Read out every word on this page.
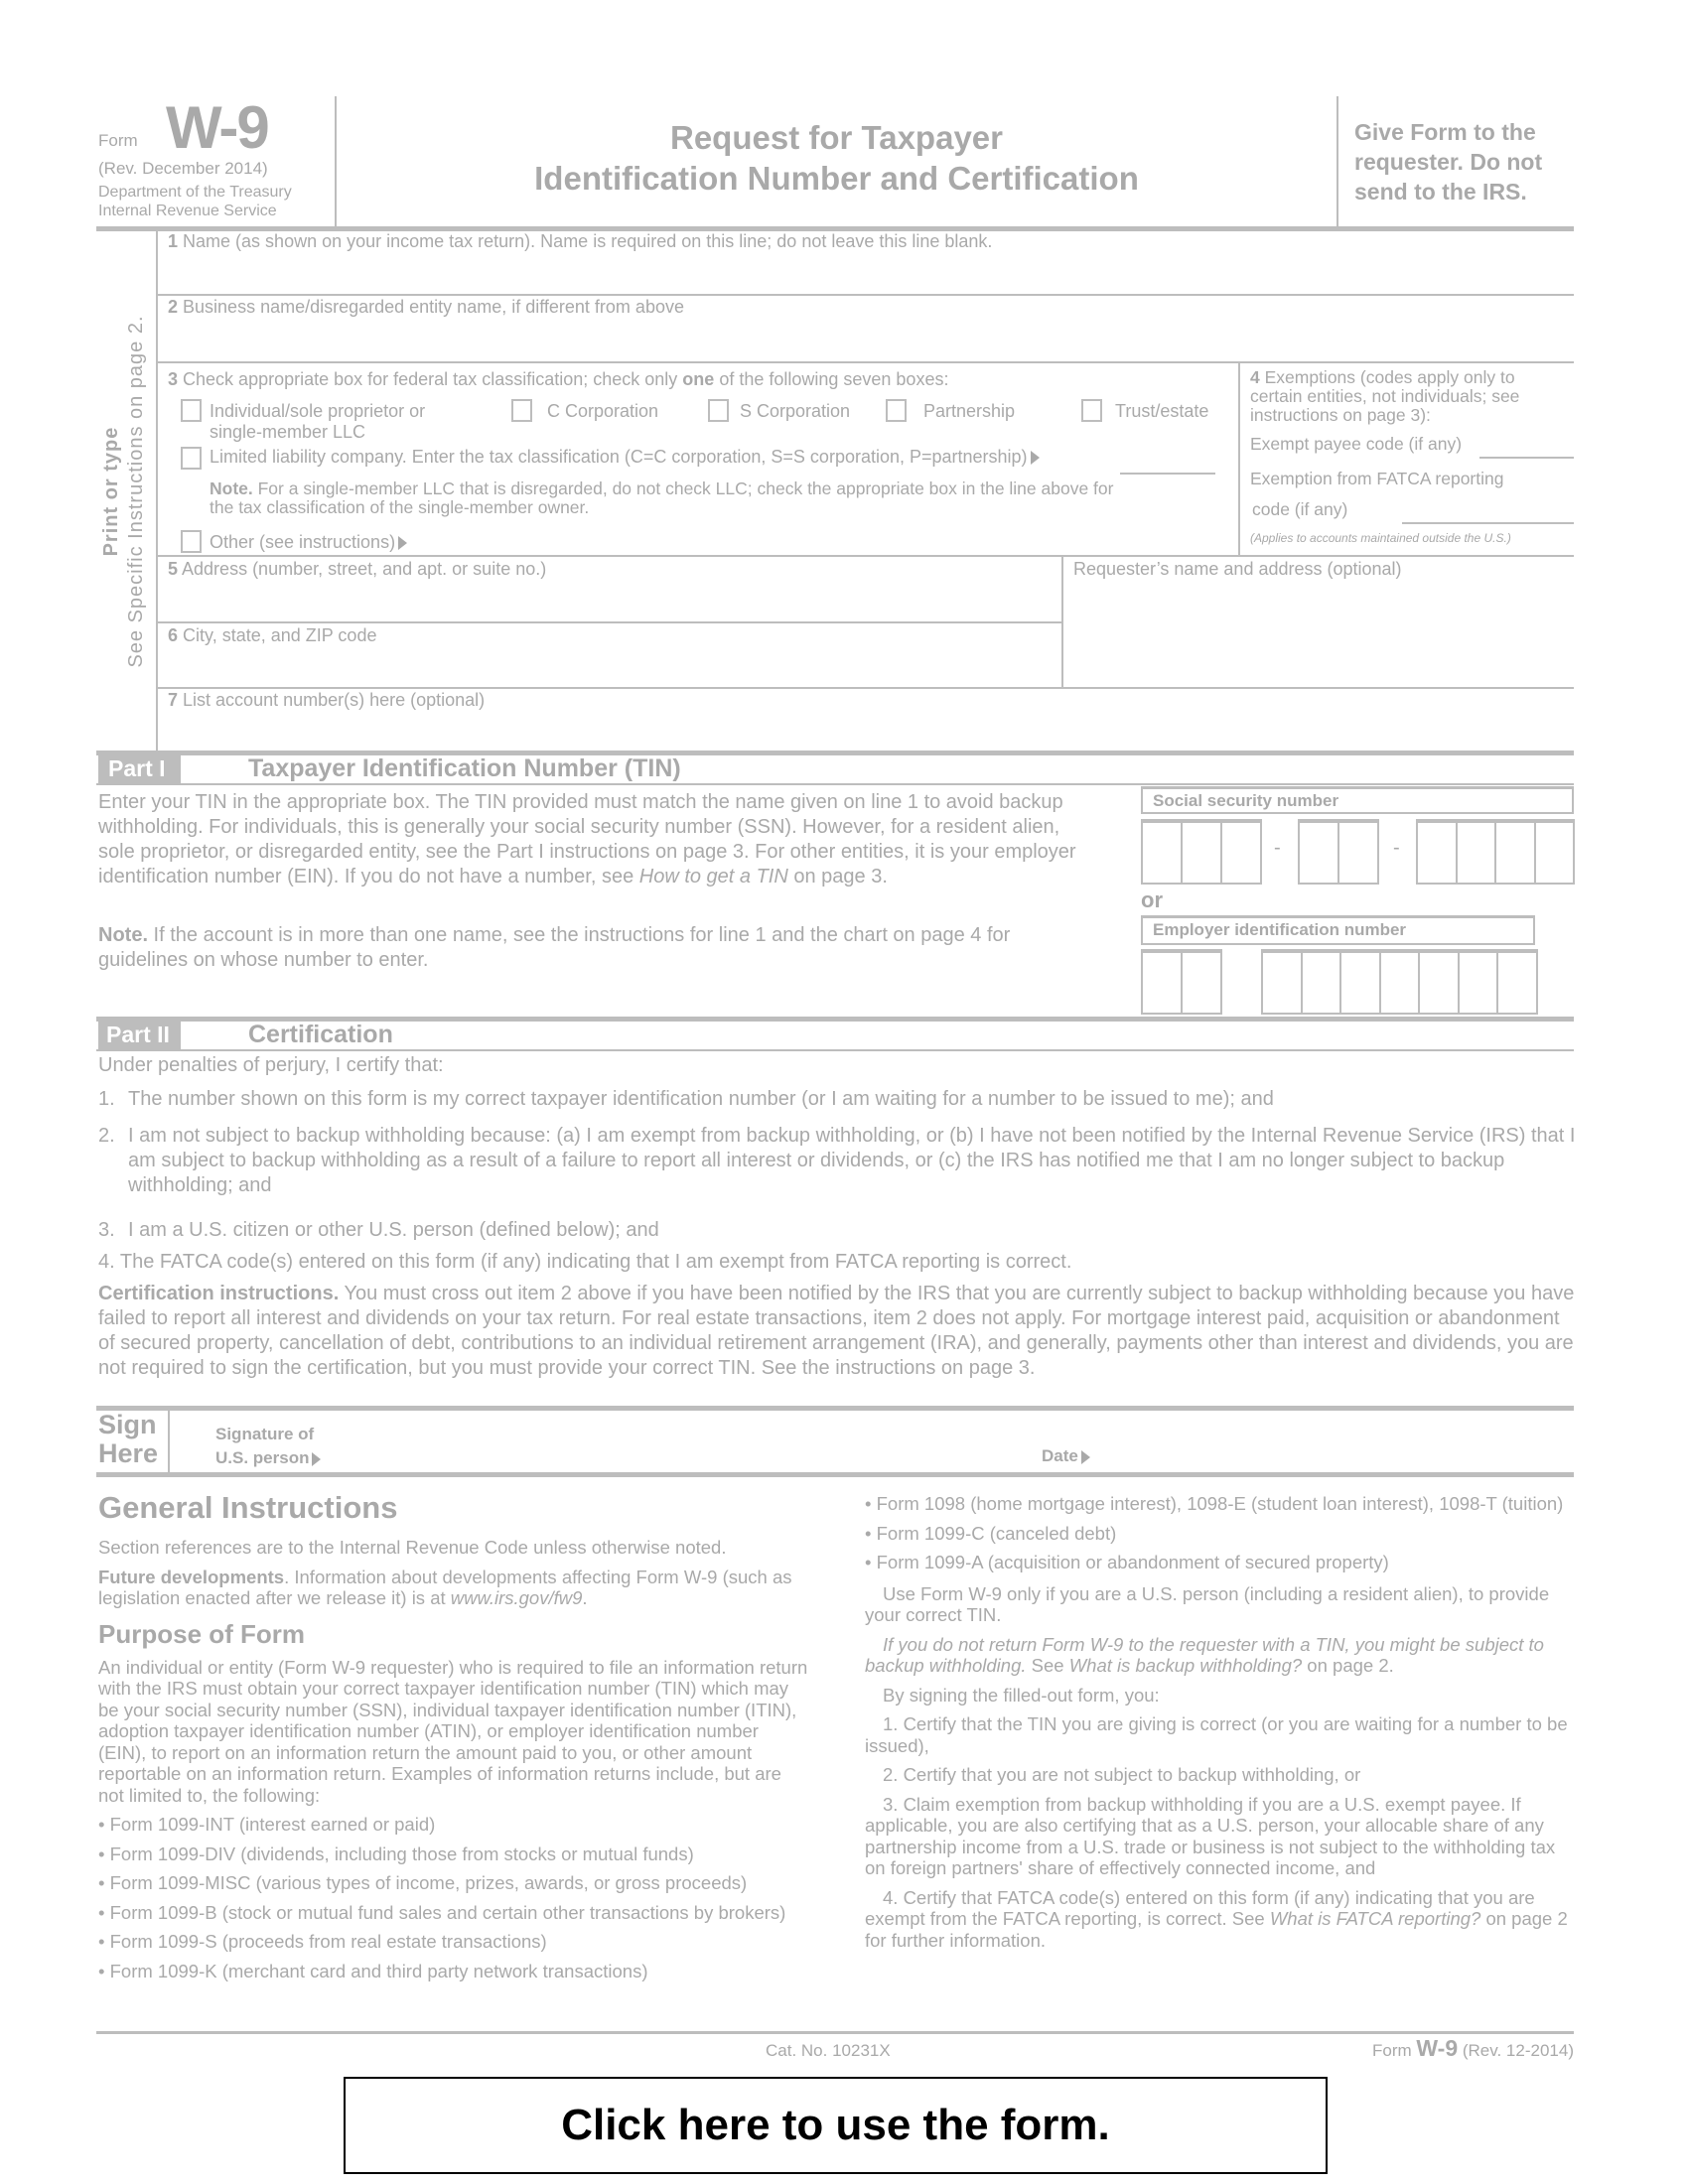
Form W-9
(Rev. December 2014)
Department of the Treasury
Internal Revenue Service
Request for Taxpayer
Identification Number and Certification
Give Form to the
requester. Do not
send to the IRS.
Print or type See Specific Instructions on page 2.
1 Name (as shown on your income tax return). Name is required on this line; do not leave this line blank.
2 Business name/disregarded entity name, if different from above
3 Check appropriate box for federal tax classification; check only one of the following seven boxes:
Individual/sole proprietor or
single-member LLC
C Corporation	S Corporation	Partnership	Trust/estate
Limited liability company. Enter the tax classification (C=C corporation, S=S corporation, P=partnership)
Note. For a single-member LLC that is disregarded, do not check LLC; check the appropriate box in the line above for
the tax classification of the single-member owner.
Other (see instructions)
4 Exemptions (codes apply only to certain entities, not individuals; see instructions on page 3):
Exempt payee code (if any)
Exemption from FATCA reporting
code (if any)
(Applies to accounts maintained outside the U.S.)
5 Address (number, street, and apt. or suite no.)	Requester’s name and address (optional)
6 City, state, and ZIP code
7 List account number(s) here (optional)
Part I	Taxpayer Identification Number (TIN)
Enter your TIN in the appropriate box. The TIN provided must match the name given on line 1 to avoid backup withholding. For individuals, this is generally your social security number (SSN). However, for a resident alien, sole proprietor, or disregarded entity, see the Part I instructions on page 3. For other entities, it is your employer identification number (EIN). If you do not have a number, see How to get a TIN on page 3.
Note. If the account is in more than one name, see the instructions for line 1 and the chart on page 4 for guidelines on whose number to enter.
Social security number
-	-
or
Employer identification number
Part II	Certification
Under penalties of perjury, I certify that:
1. The number shown on this form is my correct taxpayer identification number (or I am waiting for a number to be issued to me); and
2. I am not subject to backup withholding because: (a) I am exempt from backup withholding, or (b) I have not been notified by the Internal Revenue Service (IRS) that I am subject to backup withholding as a result of a failure to report all interest or dividends, or (c) the IRS has notified me that I am no longer subject to backup withholding; and
3. I am a U.S. citizen or other U.S. person (defined below); and
4. The FATCA code(s) entered on this form (if any) indicating that I am exempt from FATCA reporting is correct.
Certification instructions. You must cross out item 2 above if you have been notified by the IRS that you are currently subject to backup withholding because you have failed to report all interest and dividends on your tax return. For real estate transactions, item 2 does not apply. For mortgage interest paid, acquisition or abandonment of secured property, cancellation of debt, contributions to an individual retirement arrangement (IRA), and generally, payments other than interest and dividends, you are not required to sign the certification, but you must provide your correct TIN. See the instructions on page 3.
Sign
Here
Signature of
U.S. person	Date
General Instructions

Section references are to the Internal Revenue Code unless otherwise noted.

Future developments. Information about developments affecting Form W-9 (such as legislation enacted after we release it) is at www.irs.gov/fw9.

Purpose of Form

An individual or entity (Form W-9 requester) who is required to file an information return with the IRS must obtain your correct taxpayer identification number (TIN) which may be your social security number (SSN), individual taxpayer identification number (ITIN), adoption taxpayer identification number (ATIN), or employer identification number (EIN), to report on an information return the amount paid to you, or other amount reportable on an information return. Examples of information returns include, but are not limited to, the following:

• Form 1099-INT (interest earned or paid)

• Form 1099-DIV (dividends, including those from stocks or mutual funds)

• Form 1099-MISC (various types of income, prizes, awards, or gross proceeds)

• Form 1099-B (stock or mutual fund sales and certain other transactions by brokers)

• Form 1099-S (proceeds from real estate transactions)

• Form 1099-K (merchant card and third party network transactions)

• Form 1098 (home mortgage interest), 1098-E (student loan interest), 1098-T (tuition)

• Form 1099-C (canceled debt)

• Form 1099-A (acquisition or abandonment of secured property)

Use Form W-9 only if you are a U.S. person (including a resident alien), to provide your correct TIN.

If you do not return Form W-9 to the requester with a TIN, you might be subject to backup withholding. See What is backup withholding? on page 2.

By signing the filled-out form, you:

1. Certify that the TIN you are giving is correct (or you are waiting for a number to be issued),

2. Certify that you are not subject to backup withholding, or

3. Claim exemption from backup withholding if you are a U.S. exempt payee. If applicable, you are also certifying that as a U.S. person, your allocable share of any partnership income from a U.S. trade or business is not subject to the withholding tax on foreign partners' share of effectively connected income, and

4. Certify that FATCA code(s) entered on this form (if any) indicating that you are exempt from the FATCA reporting, is correct. See What is FATCA reporting? on page 2 for further information.

Cat. No. 10231X	Form W-9 (Rev. 12-2014)
Click here to use the form.
